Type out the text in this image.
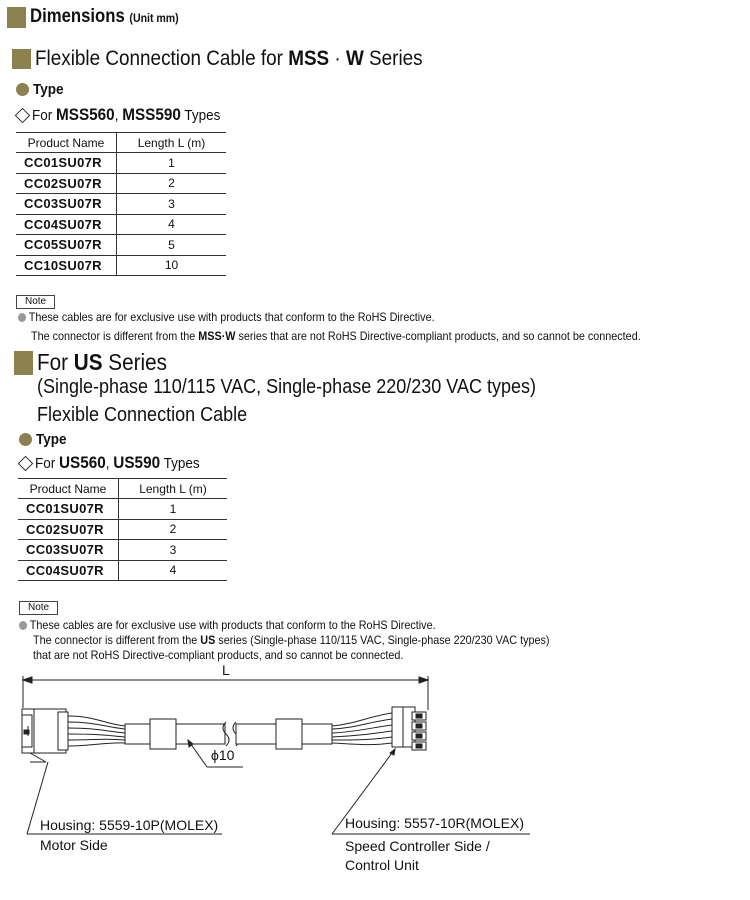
Dimensions (Unit mm)
Flexible Connection Cable for MSS · W Series
Type
For MSS560, MSS590 Types
Product Name	Length L (m)
CC01SU07R	1
CC02SU07R	2
CC03SU07R	3
CC04SU07R	4
CC05SU07R	5
CC10SU07R	10
Note
These cables are for exclusive use with products that conform to the RoHS Directive.
The connector is different from the MSS·W series that are not RoHS Directive-compliant products, and so cannot be connected.
For US Series
(Single-phase 110/115 VAC, Single-phase 220/230 VAC types)
Flexible Connection Cable
Type
For US560, US590 Types
Product Name	Length L (m)
CC01SU07R	1
CC02SU07R	2
CC03SU07R	3
CC04SU07R	4
Note
These cables are for exclusive use with products that conform to the RoHS Directive.
The connector is different from the US series (Single-phase 110/115 VAC, Single-phase 220/230 VAC types)
that are not RoHS Directive-compliant products, and so cannot be connected.
L
ϕ10
Housing: 5559-10P(MOLEX)
Motor Side
Housing: 5557-10R(MOLEX)
Speed Controller Side /
Control Unit
